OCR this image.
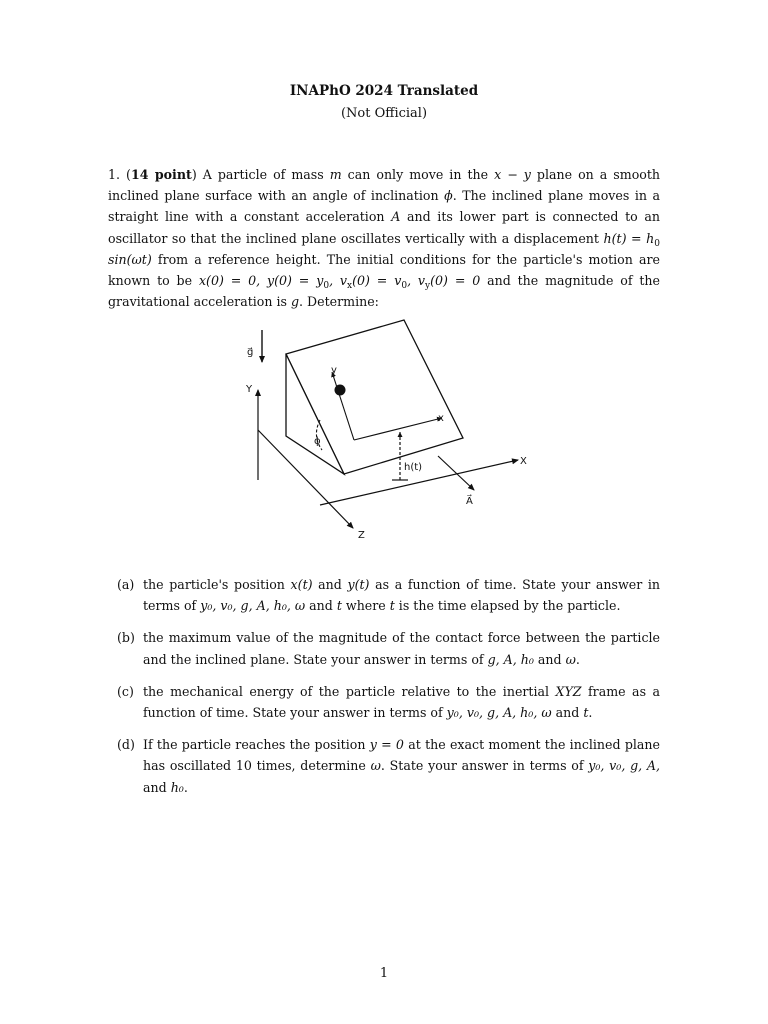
INAPhO 2024 Translated
(Not Official)
1. (14 point) A particle of mass m can only move in the x − y plane on a smooth inclined plane surface with an angle of inclination ϕ. The inclined plane moves in a straight line with a constant acceleration A and its lower part is connected to an oscillator so that the inclined plane oscillates vertically with a displacement $h(t) = h_0$ sin(ωt) from a reference height. The initial conditions for the particle's motion are known to be x(0) = 0, $y(0) = y_0$, $v_x(0) = v_0$, $v_y(0) = 0$ and the magnitude of the gravitational acceleration is g. Determine:
g⃗
Y
Z
X
ϕ
x
y
h(t)
A⃗
(a) the particle's position x(t) and y(t) as a function of time. State your answer in terms of y₀, v₀, g, A, h₀, ω and t where t is the time elapsed by the particle.
(b) the maximum value of the magnitude of the contact force between the particle and the inclined plane. State your answer in terms of g, A, h₀ and ω.
(c) the mechanical energy of the particle relative to the inertial XYZ frame as a function of time. State your answer in terms of y₀, v₀, g, A, h₀, ω and t.
(d) If the particle reaches the position y = 0 at the exact moment the inclined plane has oscillated 10 times, determine ω. State your answer in terms of y₀, v₀, g, A, and h₀.
1
